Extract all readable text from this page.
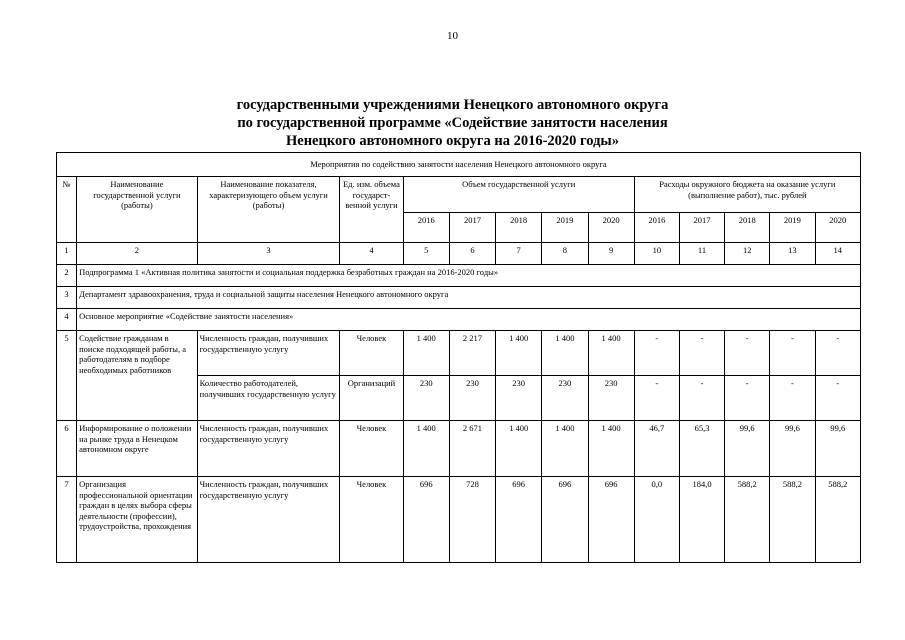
10
государственными учреждениями Ненецкого автономного округа
по государственной программе «Содействие занятости населения
Ненецкого автономного округа на 2016-2020 годы»
Мероприятия по содействию занятости населения Ненецкого автономного округа													
№	Наименование государственной услуги (работы)	Наименование показателя, характеризующего объем услуги (работы)	Ед. изм. объема государст-венной услуги	Объем государственной услуги					Расходы окружного бюджета на оказание услуги (выполнение работ), тыс. рублей				
				2016	2017	2018	2019	2020	2016	2017	2018	2019	2020
1	2	3	4	5	6	7	8	9	10	11	12	13	14
2	Подпрограмма 1 «Активная политика занятости и социальная поддержка безработных граждан на 2016-2020 годы»												
3	Департамент здравоохранения, труда и социальной защиты населения Ненецкого автономного округа												
4	Основное мероприятие «Содействие занятости населения»												
5	Содействие гражданам в поиске подходящей работы, а работодателям в подборе необходимых работников	Численность граждан, получивших государственную услугу	Человек	1 400	2 217	1 400	1 400	1 400	-	-	-	-	-
		Количество работодателей, получивших государственную услугу	Организаций	230	230	230	230	230	-	-	-	-	-
6	Информирование о положении на рынке труда в Ненецком автономном округе	Численность граждан, получивших государственную услугу	Человек	1 400	2 671	1 400	1 400	1 400	46,7	65,3	99,6	99,6	99,6
7	Организация профессиональной ориентации граждан в целях выбора сферы деятельности (профессии), трудоустройства, прохождения	Численность граждан, получивших государственную услугу	Человек	696	728	696	696	696	0,0	184,0	588,2	588,2	588,2
